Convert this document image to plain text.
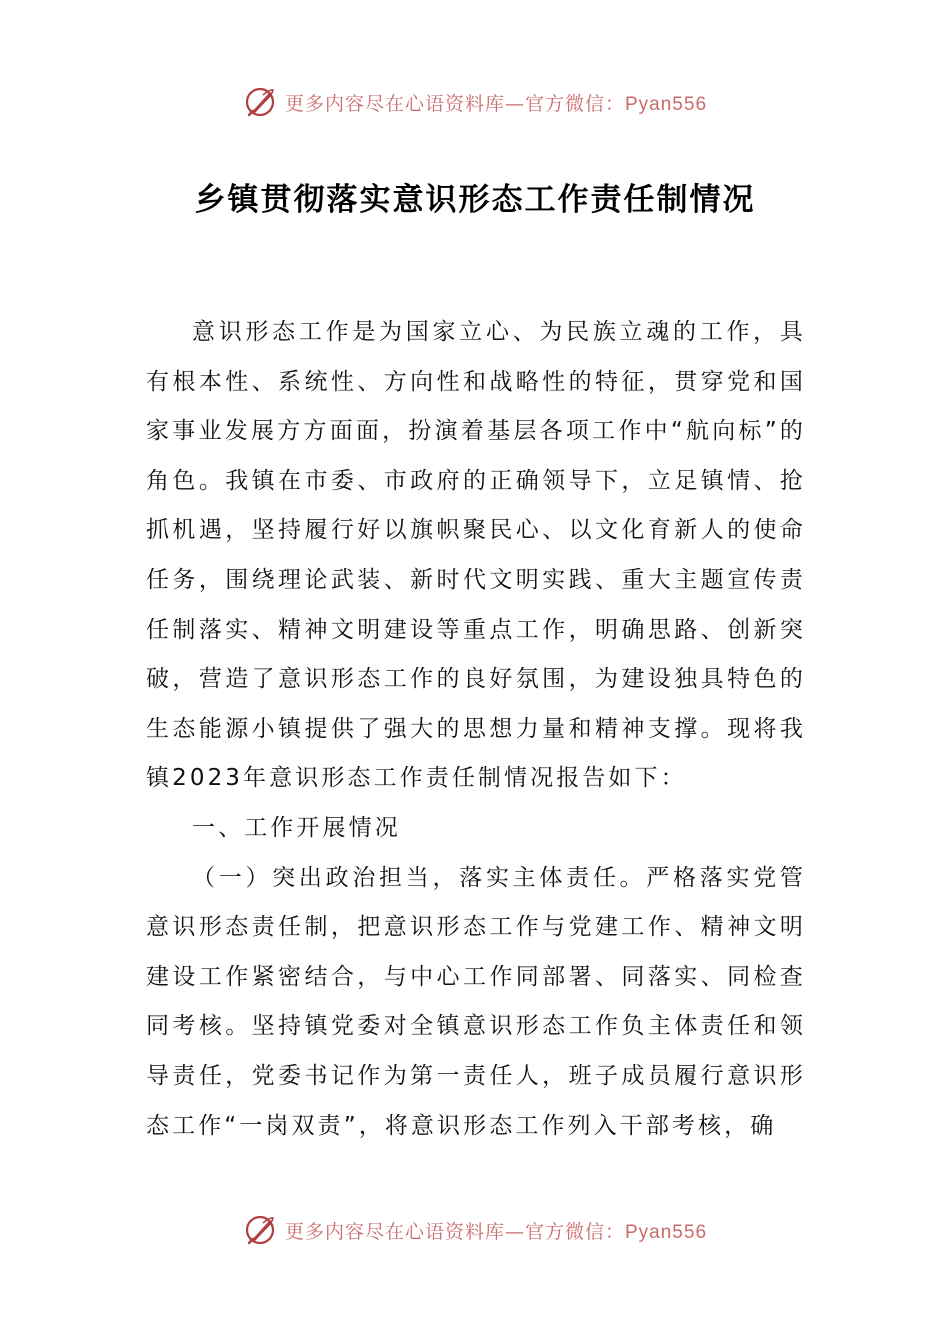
更多内容尽在心语资料库—官方微信：Pyan556
乡镇贯彻落实意识形态工作责任制情况

意识形态工作是为国家立心、为民族立魂的工作，具有根本性、系统性、方向性和战略性的特征，贯穿党和国家事业发展方方面面，扮演着基层各项工作中“航向标”的角色。我镇在市委、市政府的正确领导下，立足镇情、抢抓机遇，坚持履行好以旗帜聚民心、以文化育新人的使命任务，围绕理论武装、新时代文明实践、重大主题宣传责任制落实、精神文明建设等重点工作，明确思路、创新突破，营造了意识形态工作的良好氛围，为建设独具特色的生态能源小镇提供了强大的思想力量和精神支撑。现将我镇2023年意识形态工作责任制情况报告如下：

一、工作开展情况

（一）突出政治担当，落实主体责任。严格落实党管意识形态责任制，把意识形态工作与党建工作、精神文明建设工作紧密结合，与中心工作同部署、同落实、同检查同考核。坚持镇党委对全镇意识形态工作负主体责任和领导责任，党委书记作为第一责任人，班子成员履行意识形态工作“一岗双责”，将意识形态工作列入干部考核，确

更多内容尽在心语资料库—官方微信：Pyan556
